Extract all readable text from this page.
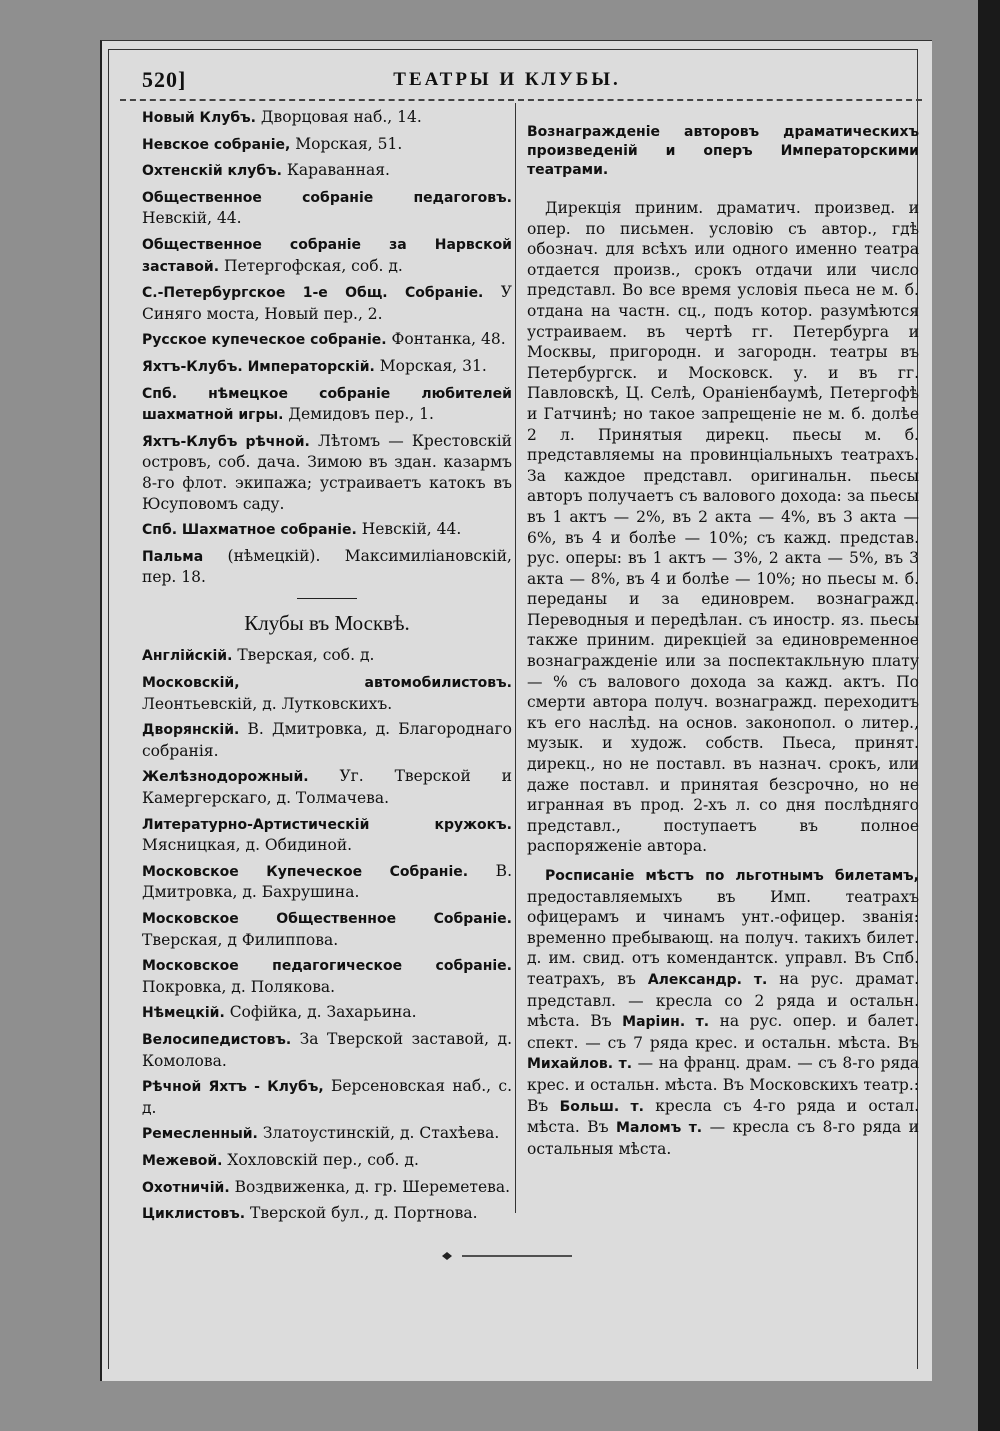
520]	ТЕАТРЫ И КЛУБЫ.

Новый Клубъ. Дворцовая наб., 14.

Невское собраніе, Морская, 51.

Охтенскій клубъ. Караванная.

Общественное собраніе педагоговъ. Невскій, 44.

Общественное собраніе за Нарвской заставой. Петергофская, соб. д.

С.-Петербургское 1-е Общ. Собраніе. У Синяго моста, Новый пер., 2.

Русское купеческое собраніе. Фонтанка, 48.

Яхтъ-Клубъ. Императорскій. Морская, 31.

Спб. нѣмецкое собраніе любителей шахматной игры. Демидовъ пер., 1.

Яхтъ-Клубъ рѣчной. Лѣтомъ — Крестовскій островъ, соб. дача. Зимою въ здан. казармъ 8-го флот. экипажа; устраиваетъ катокъ въ Юсуповомъ саду.

Спб. Шахматное собраніе. Невскій, 44.

Пальма (нѣмецкій). Максимиліановскій, пер. 18.

Клубы въ Москвѣ.

Англійскій. Тверская, соб. д.

Московскій, автомобилистовъ. Леонтьевскій, д. Лутковскихъ.

Дворянскій. В. Дмитровка, д. Благороднаго собранія.

Желѣзнодорожный. Уг. Тверской и Камергерскаго, д. Толмачева.

Литературно-Артистическій кружокъ. Мясницкая, д. Обидиной.

Московское Купеческое Собраніе. В. Дмитровка, д. Бахрушина.

Московское Общественное Собраніе. Тверская, д Филиппова.

Московское педагогическое собраніе. Покровка, д. Полякова.

Нѣмецкій. Софійка, д. Захарьина.

Велосипедистовъ. За Тверской заставой, д. Комолова.

Рѣчной Яхтъ - Клубъ, Берсеновская наб., с. д.

Ремесленный. Златоустинскій, д. Стахѣева.

Межевой. Хохловскій пер., соб. д.

Охотничій. Воздвиженка, д. гр. Шереметева.

Циклистовъ. Тверской бул., д. Портнова.

Вознагражденіе авторовъ драматическихъ произведеній и оперъ Императорскими театрами.

Дирекція приним. драматич. произвед. и опер. по письмен. условію съ автор., гдѣ обознач. для всѣхъ или одного именно театра отдается произв., срокъ отдачи или число представл. Во все время условія пьеса не м. б. отдана на частн. сц., подъ котор. разумѣются устраиваем. въ чертѣ гг. Петербурга и Москвы, пригородн. и загородн. театры въ Петербургск. и Московск. у. и въ гг. Павловскѣ, Ц. Селѣ, Оранiенбаумѣ, Петергофѣ и Гатчинѣ; но такое запрещеніе не м. б. долѣе 2 л. Принятыя дирекц. пьесы м. б. представляемы на провинціальныхъ театрахъ. За каждое представл. оригинальн. пьесы авторъ получаетъ съ валового дохода: за пьесы въ 1 актъ — 2%, въ 2 акта — 4%, въ 3 акта — 6%, въ 4 и болѣе — 10%; съ кажд. представ. рус. оперы: въ 1 актъ — 3%, 2 акта — 5%, въ 3 акта — 8%, въ 4 и болѣе — 10%; но пьесы м. б. переданы и за единоврем. вознагражд. Переводныя и передѣлан. съ иностр. яз. пьесы также приним. дирекціей за единовременное вознагражденіе или за поспектакльную плату — % съ валового дохода за кажд. актъ. По смерти автора получ. вознагражд. переходитъ къ его наслѣд. на основ. законопол. о литер., музык. и худож. собств. Пьеса, принят. дирекц., но не поставл. въ назнач. срокъ, или даже поставл. и принятая безсрочно, но не игранная въ прод. 2-хъ л. со дня послѣдняго представл., поступаетъ въ полное распоряженіе автора.

Росписаніе мѣстъ по льготнымъ билетамъ, предоставляемыхъ въ Имп. театрахъ офицерамъ и чинамъ унт.-офицер. званія: временно пребывающ. на получ. такихъ билет. д. им. свид. отъ комендантск. управл. Въ Спб. театрахъ, въ Александр. т. на рус. драмат. представл. — кресла со 2 ряда и остальн. мѣста. Въ Маріин. т. на рус. опер. и балет. спект. — съ 7 ряда крес. и остальн. мѣста. Въ Михайлов. т. — на франц. драм. — съ 8-го ряда крес. и остальн. мѣста. Въ Московскихъ театр.: Въ Больш. т. кресла съ 4-го ряда и остал. мѣста. Въ Маломъ т. — кресла съ 8-го ряда и остальныя мѣста.
